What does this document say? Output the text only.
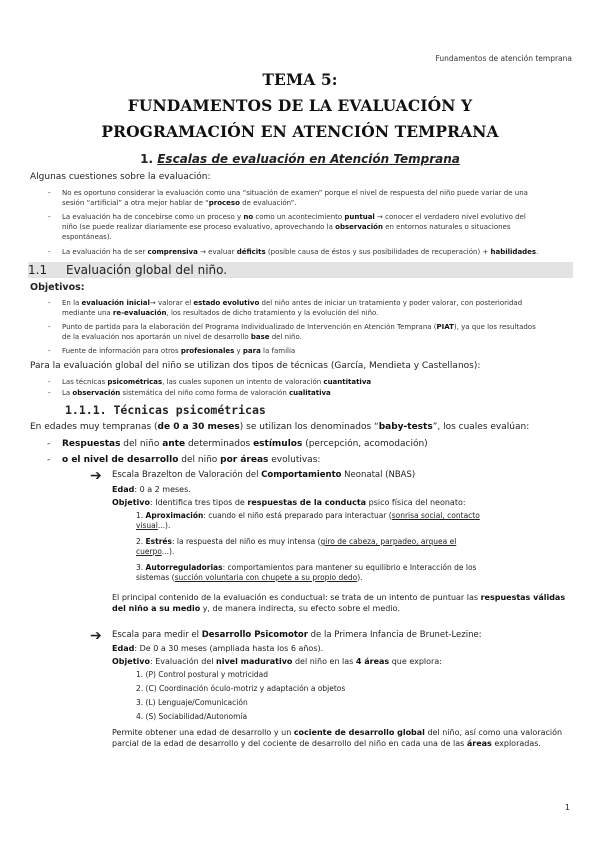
Fundamentos de atención temprana
TEMA 5:
FUNDAMENTOS DE LA EVALUACIÓN Y
PROGRAMACIÓN EN ATENCIÓN TEMPRANA
1. Escalas de evaluación en Atención Temprana
Algunas cuestiones sobre la evaluación:
- No es oportuno considerar la evaluación como una “situación de examen” porque el nivel de respuesta del niño puede variar de una
sesión “artificial” a otra mejor hablar de “proceso de evaluación”.
- La evaluación ha de concebirse como un proceso y no como un acontecimiento puntual → conocer el verdadero nivel evolutivo del
niño (se puede realizar diariamente ese proceso evaluativo, aprovechando la observación en entornos naturales o situaciones
espontáneas).
- La evaluación ha de ser comprensiva → evaluar déficits (posible causa de éstos y sus posibilidades de recuperación) + habilidades.
1.1 Evaluación global del niño.
Objetivos:
- En la evaluación inicial→ valorar el estado evolutivo del niño antes de iniciar un tratamiento y poder valorar, con posterioridad
mediante una re-evaluación, los resultados de dicho tratamiento y la evolución del niño.
- Punto de partida para la elaboración del Programa Individualizado de Intervención en Atención Temprana (PIAT), ya que los resultados
de la evaluación nos aportarán un nivel de desarrollo base del niño.
- Fuente de información para otros profesionales y para la familia
Para la evaluación global del niño se utilizan dos tipos de técnicas (García, Mendieta y Castellanos):
- Las técnicas psicométricas, las cuales suponen un intento de valoración cuantitativa
- La observación sistemática del niño como forma de valoración cualitativa
1.1.1. Técnicas psicométricas
En edades muy tempranas (de 0 a 30 meses) se utilizan los denominados “baby-tests”, los cuales evalúan:
- Respuestas del niño ante determinados estímulos (percepción, acomodación)
- o el nivel de desarrollo del niño por áreas evolutivas:
➔ Escala Brazelton de Valoración del Comportamiento Neonatal (NBAS)
Edad: 0 a 2 meses.
Objetivo: Identifica tres tipos de respuestas de la conducta psico física del neonato:
1. Aproximación: cuando el niño está preparado para interactuar (sonrisa social, contacto
visual...).
2. Estrés: la respuesta del niño es muy intensa (giro de cabeza, parpadeo, arquea el
cuerpo...).
3. Autorreguladorias: comportamientos para mantener su equilibrio e Interacción de los
sistemas (succión voluntaria con chupete a su propio dedo).
El principal contenido de la evaluación es conductual: se trata de un intento de puntuar las respuestas válidas
del niño a su medio y, de manera indirecta, su efecto sobre el medio.
➔ Escala para medir el Desarrollo Psicomotor de la Primera Infancia de Brunet-Lezine:
Edad: De 0 a 30 meses (ampliada hasta los 6 años).
Objetivo: Evaluación del nivel madurativo del niño en las 4 áreas que explora:
1. (P) Control postural y motricidad
2. (C) Coordinación óculo-motriz y adaptación a objetos
3. (L) Lenguaje/Comunicación
4. (S) Sociabilidad/Autonomía
Permite obtener una edad de desarrollo y un cociente de desarrollo global del niño, así como una valoración
parcial de la edad de desarrollo y del cociente de desarrollo del niño en cada una de las áreas exploradas.
1
